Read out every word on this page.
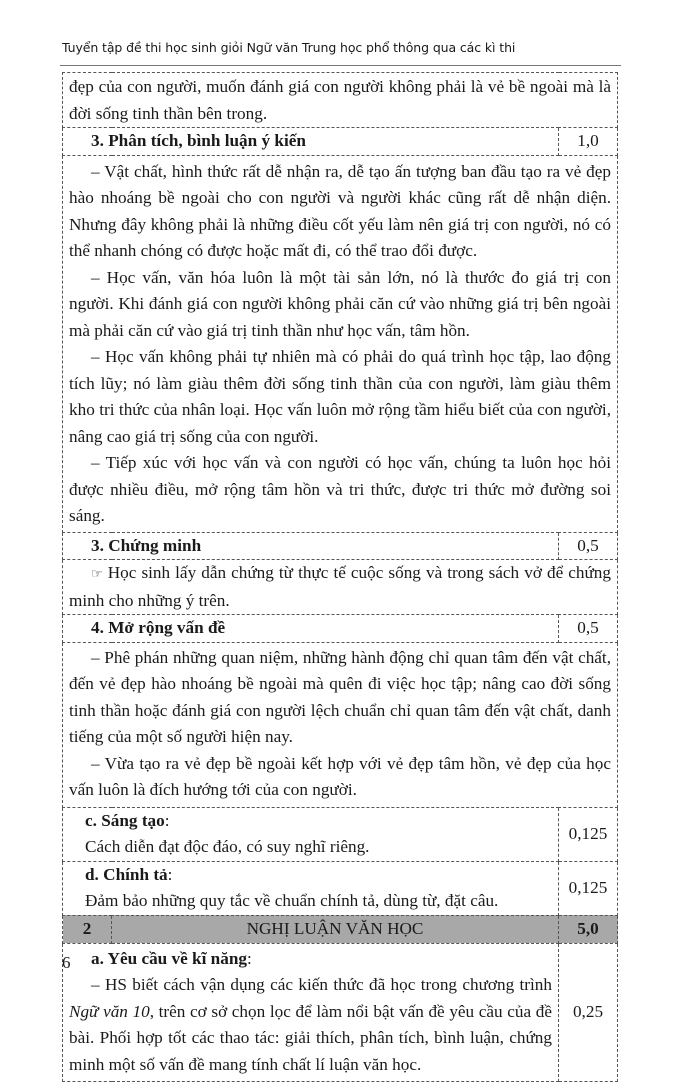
Tuyển tập đề thi học sinh giỏi Ngữ văn Trung học phổ thông qua các kì thi

đẹp của con người, muốn đánh giá con người không phải là vẻ bề ngoài mà là đời sống tinh thần bên trong.		

3. Phân tích, bình luận ý kiến		1,0

– Vật chất, hình thức rất dễ nhận ra, dễ tạo ấn tượng ban đầu tạo ra vẻ đẹp hào nhoáng bề ngoài cho con người và người khác cũng rất dễ nhận diện. Nhưng đây không phải là những điều cốt yếu làm nên giá trị con người, nó có thể nhanh chóng có được hoặc mất đi, có thể trao đổi được.

– Học vấn, văn hóa luôn là một tài sản lớn, nó là thước đo giá trị con người. Khi đánh giá con người không phải căn cứ vào những giá trị bên ngoài mà phải căn cứ vào giá trị tinh thần như học vấn, tâm hồn.

– Học vấn không phải tự nhiên mà có phải do quá trình học tập, lao động tích lũy; nó làm giàu thêm đời sống tinh thần của con người, làm giàu thêm kho tri thức của nhân loại. Học vấn luôn mở rộng tầm hiểu biết của con người, nâng cao giá trị sống của con người.

– Tiếp xúc với học vấn và con người có học vấn, chúng ta luôn học hỏi được nhiều điều, mở rộng tâm hồn và tri thức, được tri thức mở đường soi sáng.		

3. Chứng minh		0,5

☞ Học sinh lấy dẫn chứng từ thực tế cuộc sống và trong sách vở để chứng minh cho những ý trên.		

4. Mở rộng vấn đề		0,5

– Phê phán những quan niệm, những hành động chỉ quan tâm đến vật chất, đến vẻ đẹp hào nhoáng bề ngoài mà quên đi việc học tập; nâng cao đời sống tinh thần hoặc đánh giá con người lệch chuẩn chỉ quan tâm đến vật chất, danh tiếng của một số người hiện nay.

– Vừa tạo ra vẻ đẹp bề ngoài kết hợp với vẻ đẹp tâm hồn, vẻ đẹp của học vấn luôn là đích hướng tới của con người.		

c. Sáng tạo:

Cách diễn đạt độc đáo, có suy nghĩ riêng.		0,125

d. Chính tả:

Đảm bảo những quy tắc về chuẩn chính tả, dùng từ, đặt câu.		0,125
2	NGHỊ LUẬN VĂN HỌC	5,0

a. Yêu cầu về kĩ năng:

– HS biết cách vận dụng các kiến thức đã học trong chương trình Ngữ văn 10, trên cơ sở chọn lọc để làm nổi bật vấn đề yêu cầu của đề bài. Phối hợp tốt các thao tác: giải thích, phân tích, bình luận, chứng minh một số vấn đề mang tính chất lí luận văn học.		0,25
6
